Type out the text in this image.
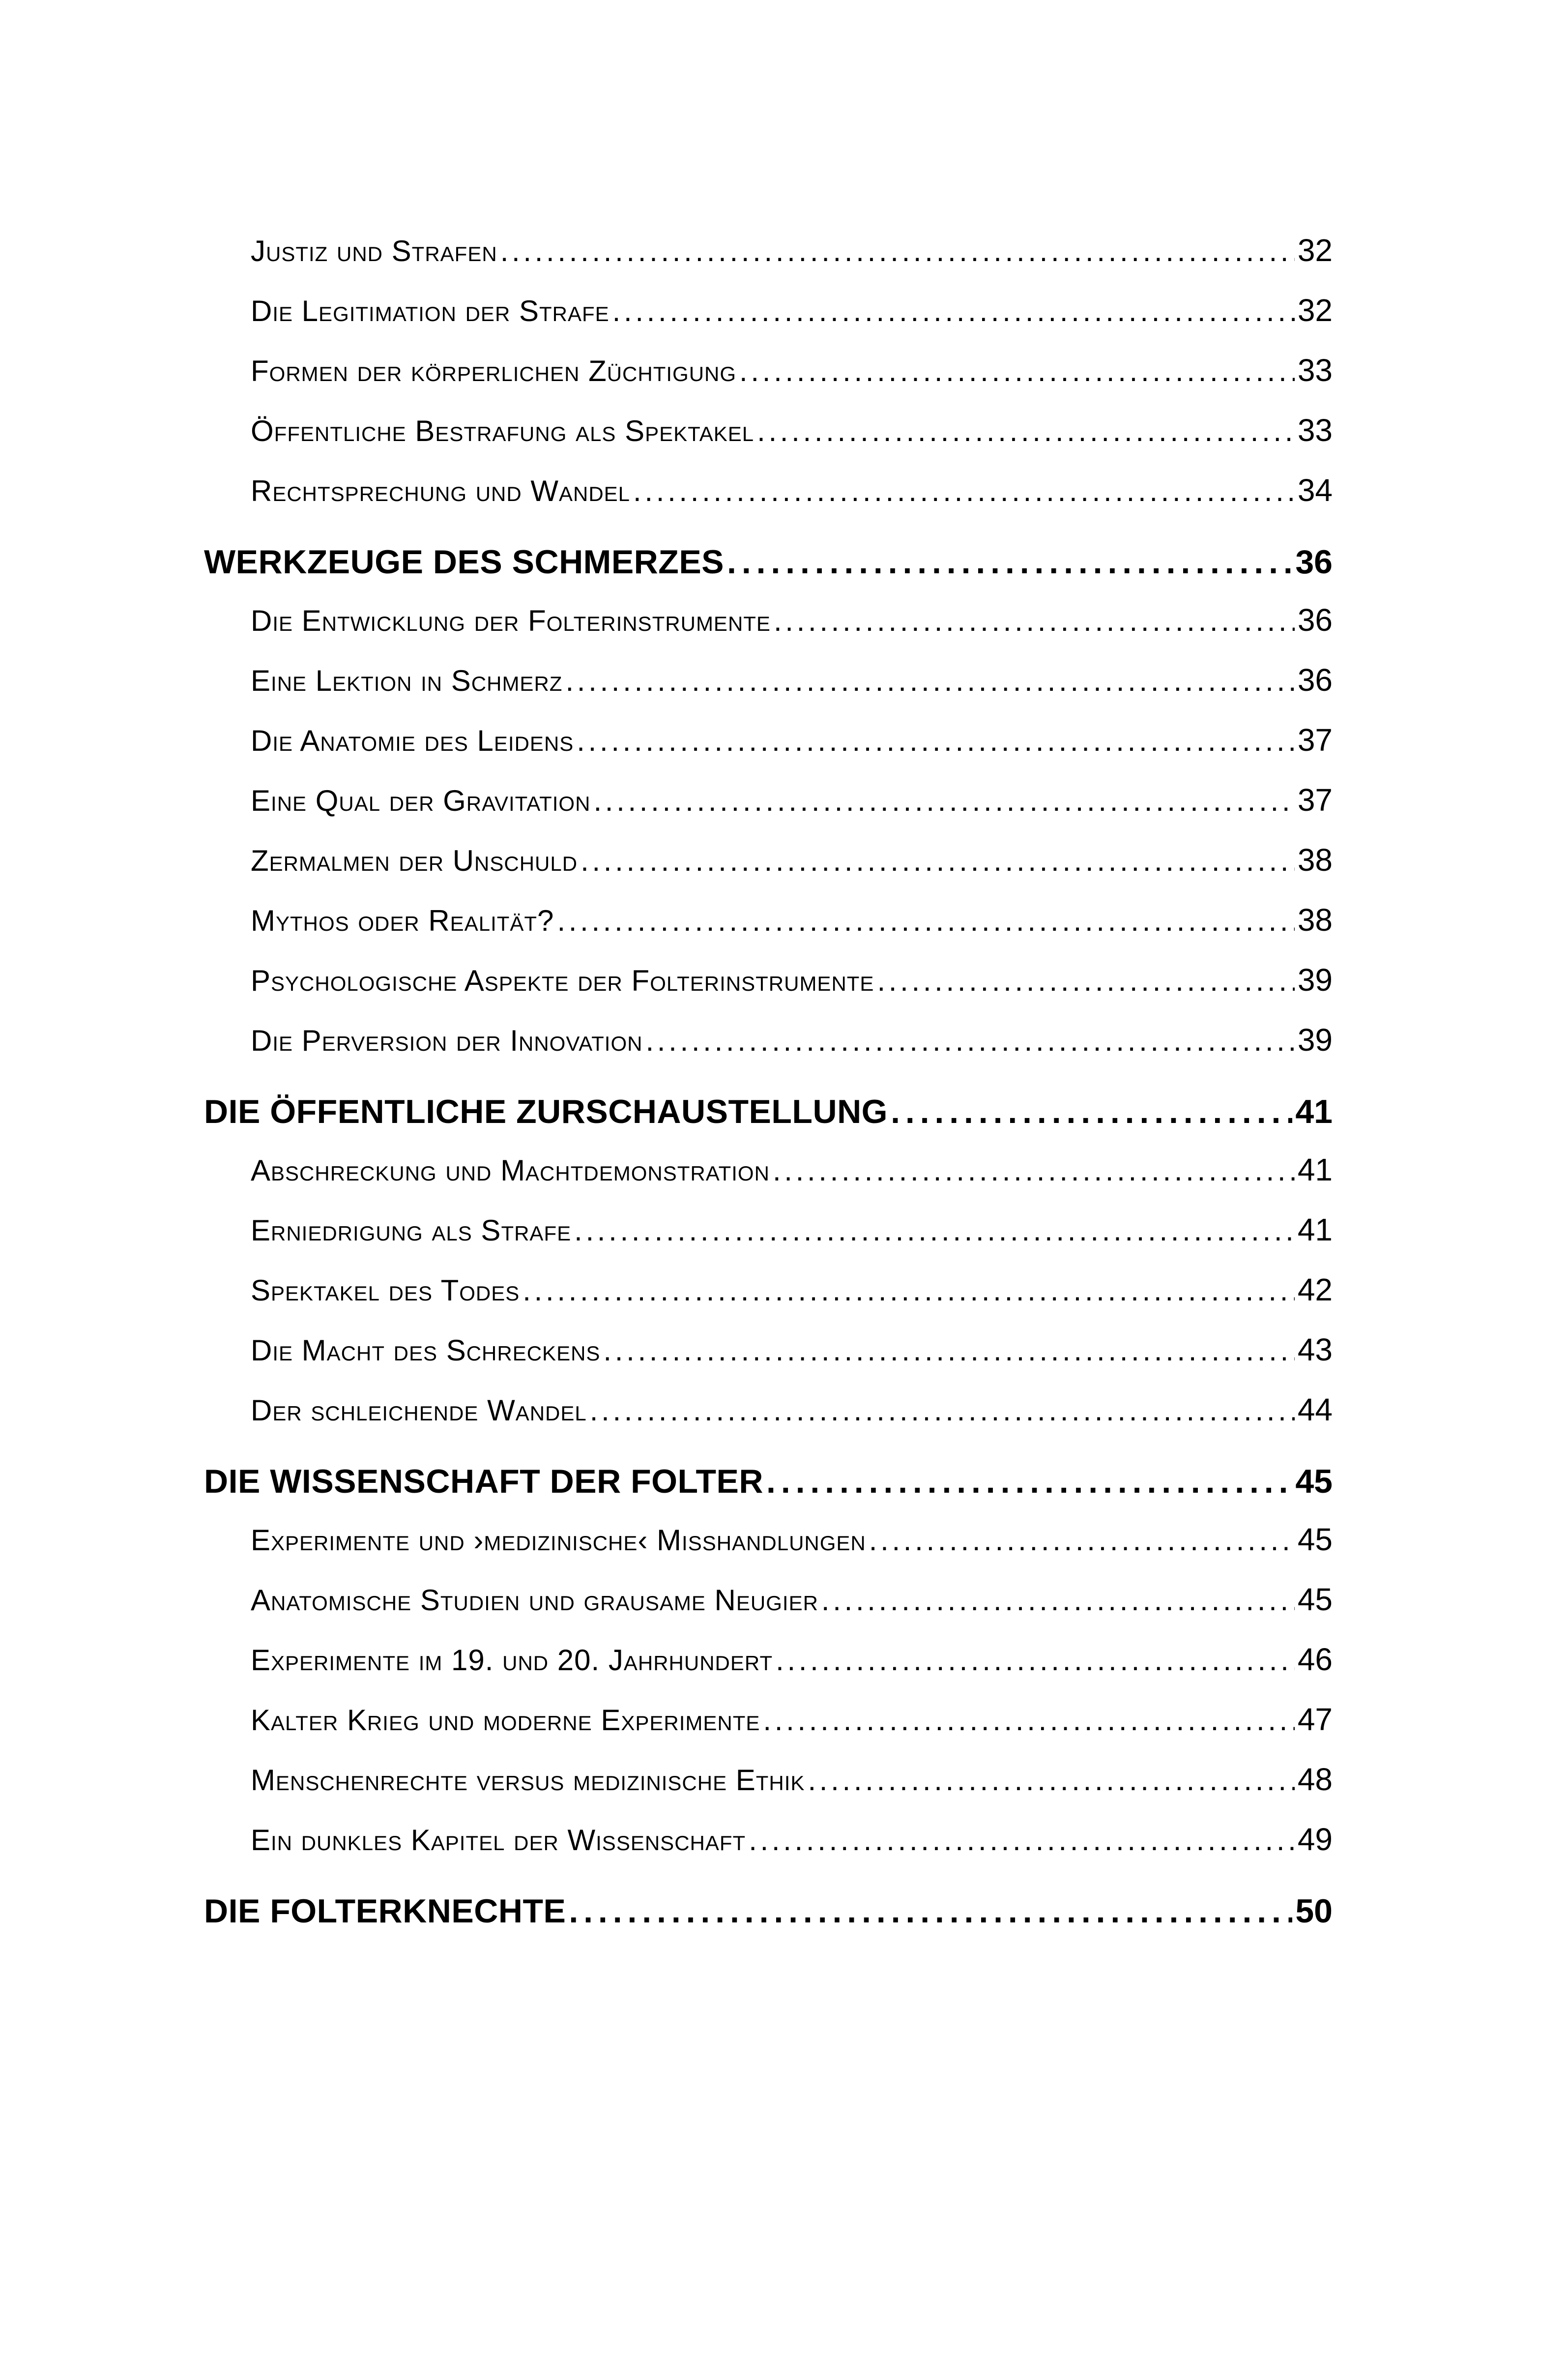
Justiz und Strafen . . .	32
Die Legitimation der Strafe . . .	32
Formen der körperlichen Züchtigung . . .	33
Öffentliche Bestrafung als Spektakel . . .	33
Rechtsprechung und Wandel . . .	34
WERKZEUGE DES SCHMERZES . . .	36
Die Entwicklung der Folterinstrumente . . .	36
Eine Lektion in Schmerz . . .	36
Die Anatomie des Leidens . . .	37
Eine Qual der Gravitation . . .	37
Zermalmen der Unschuld . . .	38
Mythos oder Realität? . . .	38
Psychologische Aspekte der Folterinstrumente . . .	39
Die Perversion der Innovation . . .	39
DIE ÖFFENTLICHE ZURSCHAUSTELLUNG . . .	41
Abschreckung und Machtdemonstration . . .	41
Erniedrigung als Strafe . . .	41
Spektakel des Todes . . .	42
Die Macht des Schreckens . . .	43
Der schleichende Wandel . . .	44
DIE WISSENSCHAFT DER FOLTER . . .	45
Experimente und ›medizinische‹ Misshandlungen . . .	45
Anatomische Studien und grausame Neugier . . .	45
Experimente im 19. und 20. Jahrhundert . . .	46
Kalter Krieg und moderne Experimente . . .	47
Menschenrechte versus medizinische Ethik . . .	48
Ein dunkles Kapitel der Wissenschaft . . .	49
DIE FOLTERKNECHTE . . .	50
